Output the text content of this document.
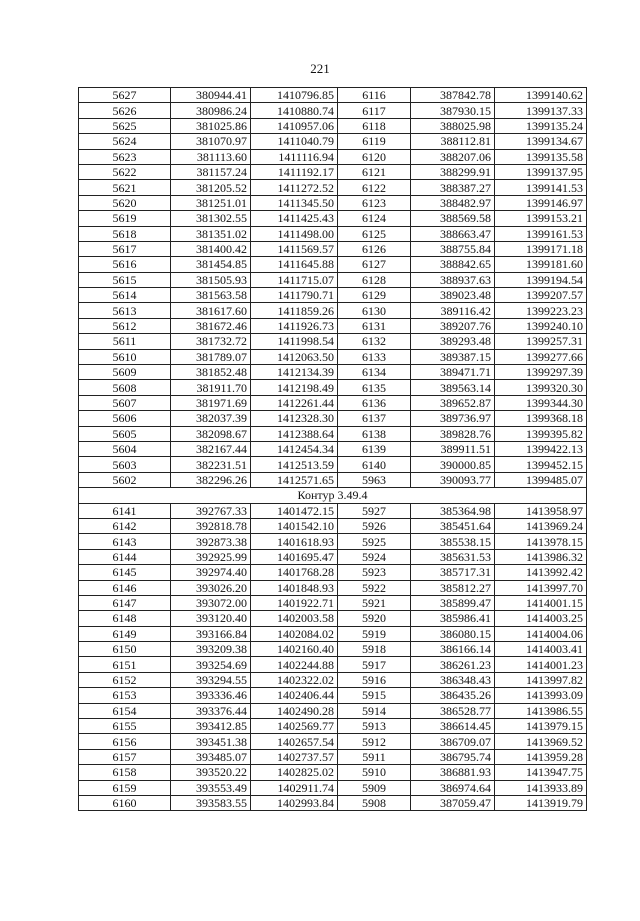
221
5627	380944.41	1410796.85	6116	387842.78	1399140.62
5626	380986.24	1410880.74	6117	387930.15	1399137.33
5625	381025.86	1410957.06	6118	388025.98	1399135.24
5624	381070.97	1411040.79	6119	388112.81	1399134.67
5623	381113.60	1411116.94	6120	388207.06	1399135.58
5622	381157.24	1411192.17	6121	388299.91	1399137.95
5621	381205.52	1411272.52	6122	388387.27	1399141.53
5620	381251.01	1411345.50	6123	388482.97	1399146.97
5619	381302.55	1411425.43	6124	388569.58	1399153.21
5618	381351.02	1411498.00	6125	388663.47	1399161.53
5617	381400.42	1411569.57	6126	388755.84	1399171.18
5616	381454.85	1411645.88	6127	388842.65	1399181.60
5615	381505.93	1411715.07	6128	388937.63	1399194.54
5614	381563.58	1411790.71	6129	389023.48	1399207.57
5613	381617.60	1411859.26	6130	389116.42	1399223.23
5612	381672.46	1411926.73	6131	389207.76	1399240.10
5611	381732.72	1411998.54	6132	389293.48	1399257.31
5610	381789.07	1412063.50	6133	389387.15	1399277.66
5609	381852.48	1412134.39	6134	389471.71	1399297.39
5608	381911.70	1412198.49	6135	389563.14	1399320.30
5607	381971.69	1412261.44	6136	389652.87	1399344.30
5606	382037.39	1412328.30	6137	389736.97	1399368.18
5605	382098.67	1412388.64	6138	389828.76	1399395.82
5604	382167.44	1412454.34	6139	389911.51	1399422.13
5603	382231.51	1412513.59	6140	390000.85	1399452.15
5602	382296.26	1412571.65	5963	390093.77	1399485.07
Контур 3.49.4					
6141	392767.33	1401472.15	5927	385364.98	1413958.97
6142	392818.78	1401542.10	5926	385451.64	1413969.24
6143	392873.38	1401618.93	5925	385538.15	1413978.15
6144	392925.99	1401695.47	5924	385631.53	1413986.32
6145	392974.40	1401768.28	5923	385717.31	1413992.42
6146	393026.20	1401848.93	5922	385812.27	1413997.70
6147	393072.00	1401922.71	5921	385899.47	1414001.15
6148	393120.40	1402003.58	5920	385986.41	1414003.25
6149	393166.84	1402084.02	5919	386080.15	1414004.06
6150	393209.38	1402160.40	5918	386166.14	1414003.41
6151	393254.69	1402244.88	5917	386261.23	1414001.23
6152	393294.55	1402322.02	5916	386348.43	1413997.82
6153	393336.46	1402406.44	5915	386435.26	1413993.09
6154	393376.44	1402490.28	5914	386528.77	1413986.55
6155	393412.85	1402569.77	5913	386614.45	1413979.15
6156	393451.38	1402657.54	5912	386709.07	1413969.52
6157	393485.07	1402737.57	5911	386795.74	1413959.28
6158	393520.22	1402825.02	5910	386881.93	1413947.75
6159	393553.49	1402911.74	5909	386974.64	1413933.89
6160	393583.55	1402993.84	5908	387059.47	1413919.79
